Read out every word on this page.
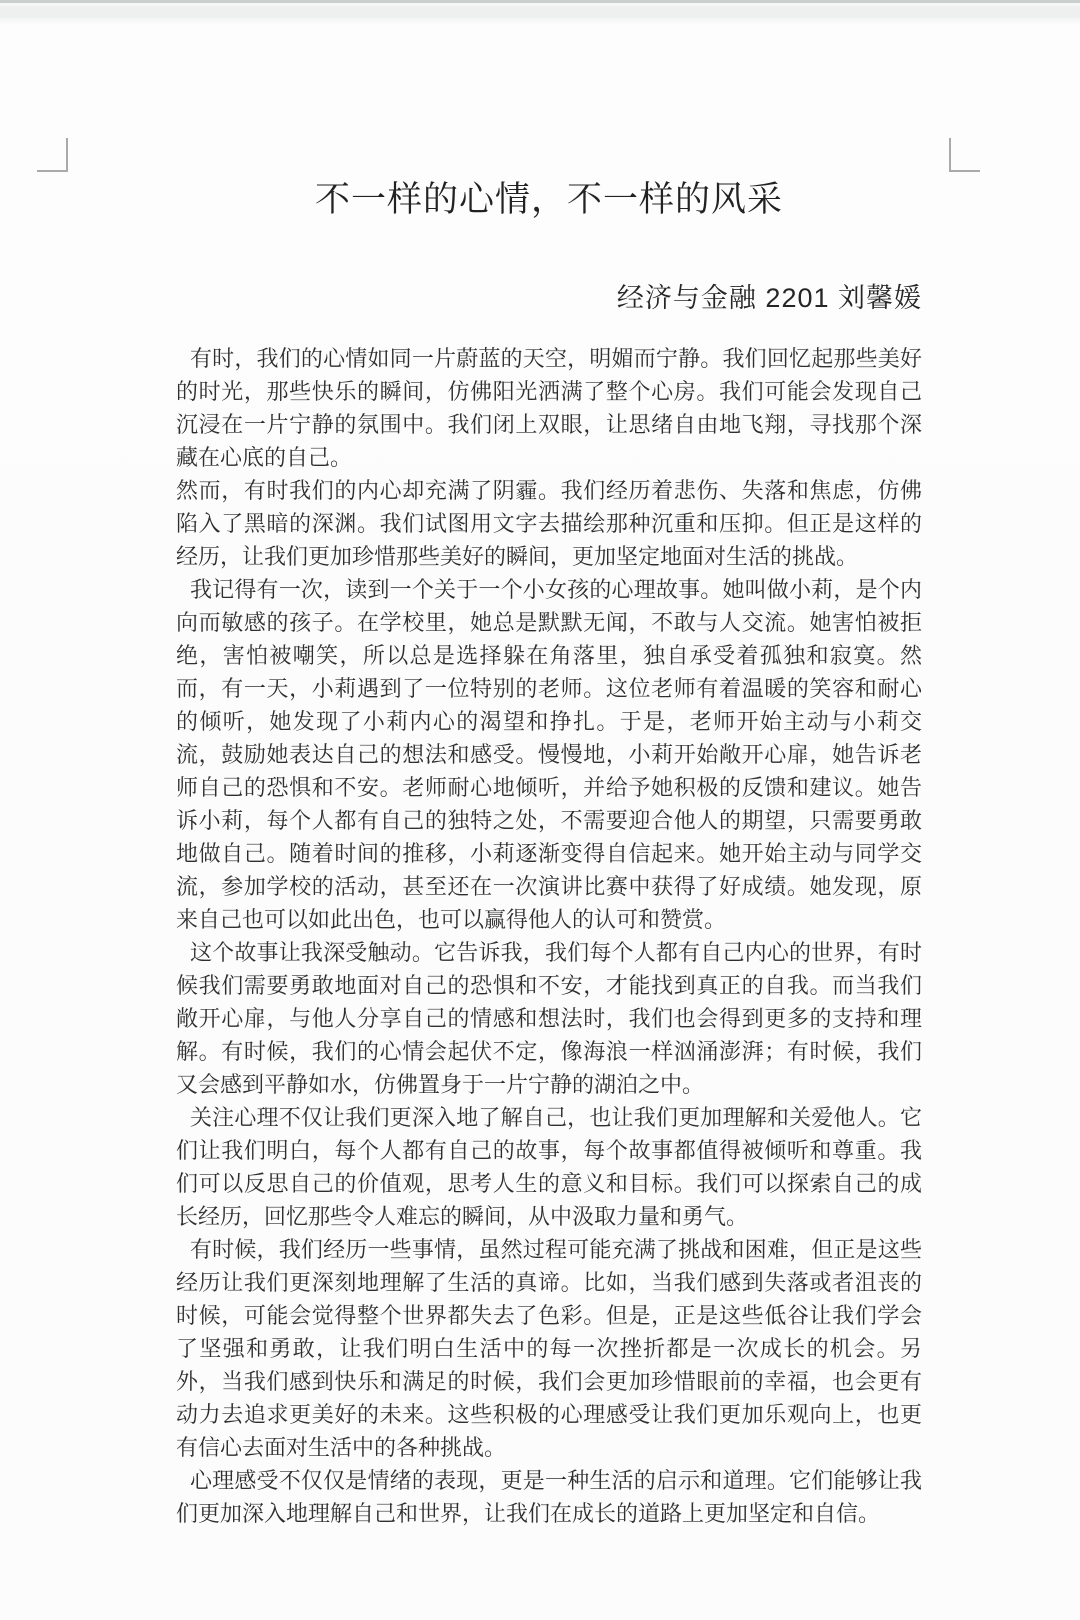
不一样的心情，不一样的风采
经济与金融 2201 刘馨媛

有时，我们的心情如同一片蔚蓝的天空，明媚而宁静。我们回忆起那些美好的时光，那些快乐的瞬间，仿佛阳光洒满了整个心房。我们可能会发现自己沉浸在一片宁静的氛围中。我们闭上双眼，让思绪自由地飞翔，寻找那个深藏在心底的自己。

然而，有时我们的内心却充满了阴霾。我们经历着悲伤、失落和焦虑，仿佛陷入了黑暗的深渊。我们试图用文字去描绘那种沉重和压抑。但正是这样的经历，让我们更加珍惜那些美好的瞬间，更加坚定地面对生活的挑战。

我记得有一次，读到一个关于一个小女孩的心理故事。她叫做小莉，是个内向而敏感的孩子。在学校里，她总是默默无闻，不敢与人交流。她害怕被拒绝，害怕被嘲笑，所以总是选择躲在角落里，独自承受着孤独和寂寞。然而，有一天，小莉遇到了一位特别的老师。这位老师有着温暖的笑容和耐心的倾听，她发现了小莉内心的渴望和挣扎。于是，老师开始主动与小莉交流，鼓励她表达自己的想法和感受。慢慢地，小莉开始敞开心扉，她告诉老师自己的恐惧和不安。老师耐心地倾听，并给予她积极的反馈和建议。她告诉小莉，每个人都有自己的独特之处，不需要迎合他人的期望，只需要勇敢地做自己。随着时间的推移，小莉逐渐变得自信起来。她开始主动与同学交流，参加学校的活动，甚至还在一次演讲比赛中获得了好成绩。她发现，原来自己也可以如此出色，也可以赢得他人的认可和赞赏。

这个故事让我深受触动。它告诉我，我们每个人都有自己内心的世界，有时候我们需要勇敢地面对自己的恐惧和不安，才能找到真正的自我。而当我们敞开心扉，与他人分享自己的情感和想法时，我们也会得到更多的支持和理解。有时候，我们的心情会起伏不定，像海浪一样汹涌澎湃；有时候，我们又会感到平静如水，仿佛置身于一片宁静的湖泊之中。

关注心理不仅让我们更深入地了解自己，也让我们更加理解和关爱他人。它们让我们明白，每个人都有自己的故事，每个故事都值得被倾听和尊重。我们可以反思自己的价值观，思考人生的意义和目标。我们可以探索自己的成长经历，回忆那些令人难忘的瞬间，从中汲取力量和勇气。

有时候，我们经历一些事情，虽然过程可能充满了挑战和困难，但正是这些经历让我们更深刻地理解了生活的真谛。比如，当我们感到失落或者沮丧的时候，可能会觉得整个世界都失去了色彩。但是，正是这些低谷让我们学会了坚强和勇敢，让我们明白生活中的每一次挫折都是一次成长的机会。另外，当我们感到快乐和满足的时候，我们会更加珍惜眼前的幸福，也会更有动力去追求更美好的未来。这些积极的心理感受让我们更加乐观向上，也更有信心去面对生活中的各种挑战。

心理感受不仅仅是情绪的表现，更是一种生活的启示和道理。它们能够让我们更加深入地理解自己和世界，让我们在成长的道路上更加坚定和自信。
